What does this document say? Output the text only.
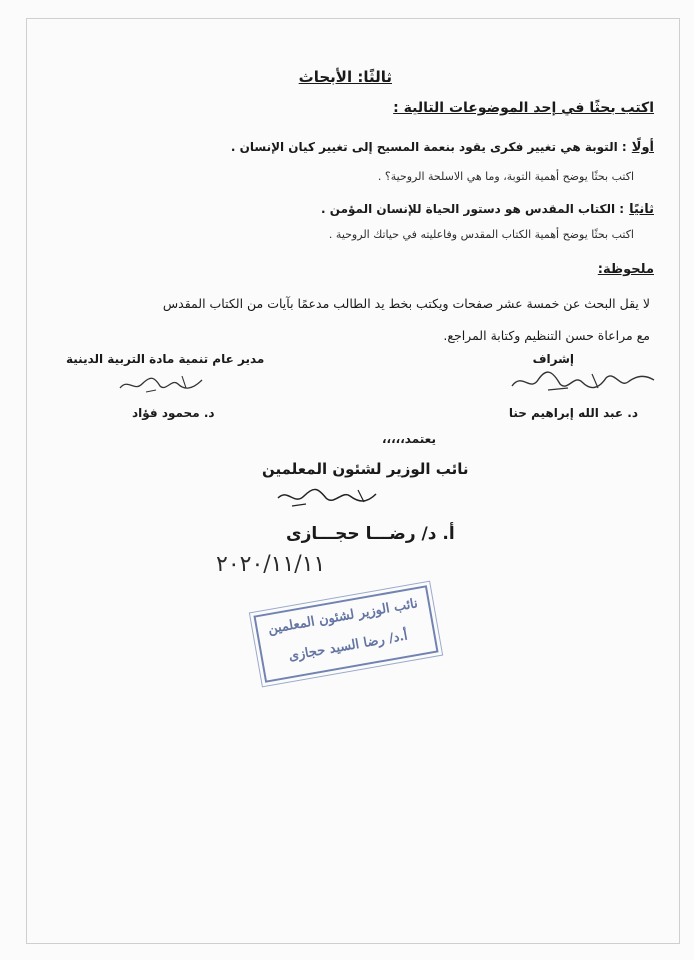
ثالثًا: الأبحاث
اكتب بحثًا في إحد الموضوعات التالية :
أولًا : التوبة هي تغيير فكرى يقود بنعمة المسيح إلى تغيير كيان الإنسان .
اكتب بحثًا يوضح أهمية التوبة، وما هي الاسلحة الروحية؟ .
ثانيًا : الكتاب المقدس هو دستور الحياة للإنسان المؤمن .
اكتب بحثًا يوضح أهمية الكتاب المقدس وفاعليته في حياتك الروحية .
ملحوظة:
لا يقل البحث عن خمسة عشر صفحات ويكتب بخط يد الطالب مدعمًا بآيات من الكتاب المقدس
مع مراعاة حسن التنظيم وكتابة المراجع.
إشراف
د. عبد الله إبراهيم حنا
مدير عام تنمية مادة التربية الدينية
د. محمود فؤاد
يعتمد،،،،،
نائب الوزير لشئون المعلمين
أ. د/ رضـــا حجـــازى
٢٠٢٠/١١/١١
نائب الوزير لشئون المعلمين
أ.د/ رضا السيد حجازى
